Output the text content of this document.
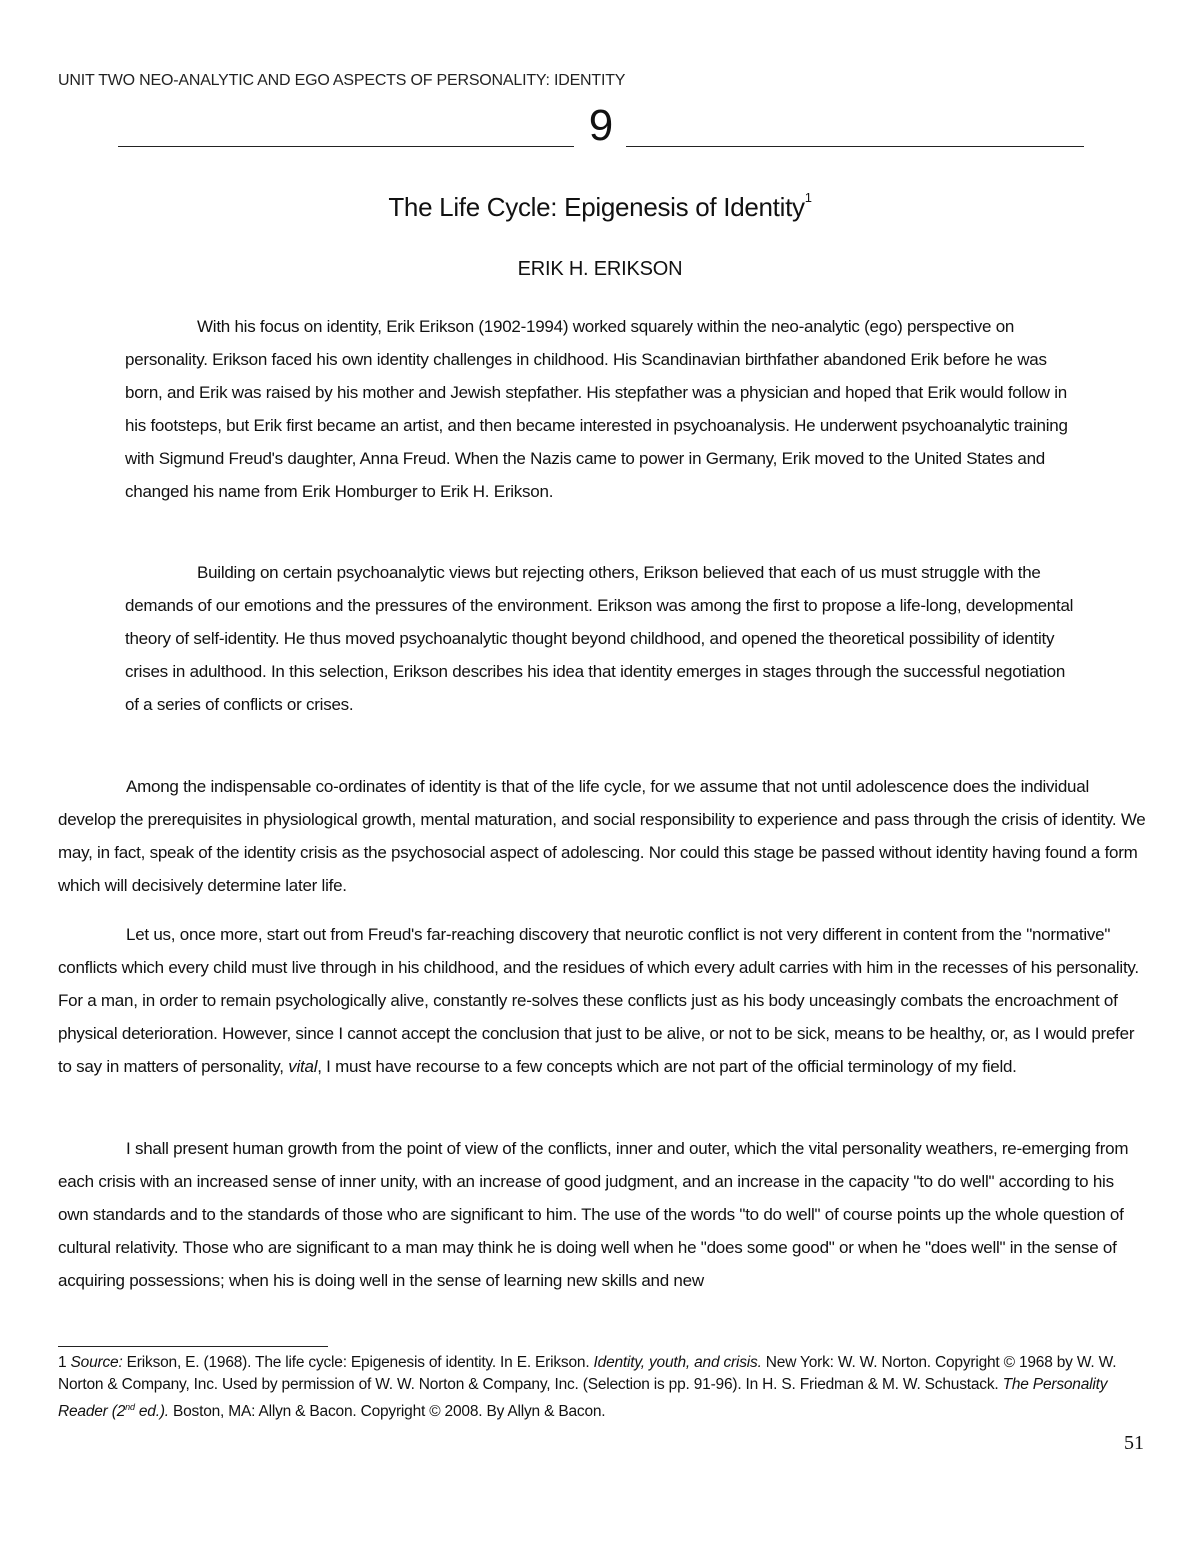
UNIT TWO NEO-ANALYTIC AND EGO ASPECTS OF PERSONALITY: IDENTITY
9
The Life Cycle: Epigenesis of Identity$^1$
ERIK H. ERIKSON

With his focus on identity, Erik Erikson (1902-1994) worked squarely within the neo-analytic (ego) perspective on personality. Erikson faced his own identity challenges in childhood. His Scandinavian birthfather abandoned Erik before he was born, and Erik was raised by his mother and Jewish stepfather. His stepfather was a physician and hoped that Erik would follow in his footsteps, but Erik first became an artist, and then became interested in psychoanalysis. He underwent psychoanalytic training with Sigmund Freud's daughter, Anna Freud. When the Nazis came to power in Germany, Erik moved to the United States and changed his name from Erik Homburger to Erik H. Erikson.

Building on certain psychoanalytic views but rejecting others, Erikson believed that each of us must struggle with the demands of our emotions and the pressures of the environment. Erikson was among the first to propose a life-long, developmental theory of self-identity. He thus moved psychoanalytic thought beyond childhood, and opened the theoretical possibility of identity crises in adulthood. In this selection, Erikson describes his idea that identity emerges in stages through the successful negotiation of a series of conflicts or crises.

Among the indispensable co-ordinates of identity is that of the life cycle, for we assume that not until adolescence does the individual develop the prerequisites in physiological growth, mental maturation, and social responsibility to experience and pass through the crisis of identity. We may, in fact, speak of the identity crisis as the psychosocial aspect of adolescing. Nor could this stage be passed without identity having found a form which will decisively determine later life.

Let us, once more, start out from Freud's far-reaching discovery that neurotic conflict is not very different in content from the "normative" conflicts which every child must live through in his childhood, and the residues of which every adult carries with him in the recesses of his personality. For a man, in order to remain psychologically alive, constantly re-solves these conflicts just as his body unceasingly combats the encroachment of physical deterioration. However, since I cannot accept the conclusion that just to be alive, or not to be sick, means to be healthy, or, as I would prefer to say in matters of personality, vital, I must have recourse to a few concepts which are not part of the official terminology of my field.

I shall present human growth from the point of view of the conflicts, inner and outer, which the vital personality weathers, re-emerging from each crisis with an increased sense of inner unity, with an increase of good judgment, and an increase in the capacity "to do well" according to his own standards and to the standards of those who are significant to him. The use of the words "to do well" of course points up the whole question of cultural relativity. Those who are significant to a man may think he is doing well when he "does some good" or when he "does well" in the sense of acquiring possessions; when his is doing well in the sense of learning new skills and new

1 Source: Erikson, E. (1968). The life cycle: Epigenesis of identity. In E. Erikson. Identity, youth, and crisis. New York: W. W. Norton. Copyright © 1968 by W. W. Norton & Company, Inc. Used by permission of W. W. Norton & Company, Inc. (Selection is pp. 91-96). In H. S. Friedman & M. W. Schustack. The Personality Reader (2nd ed.). Boston, MA: Allyn & Bacon. Copyright © 2008. By Allyn & Bacon.

51
